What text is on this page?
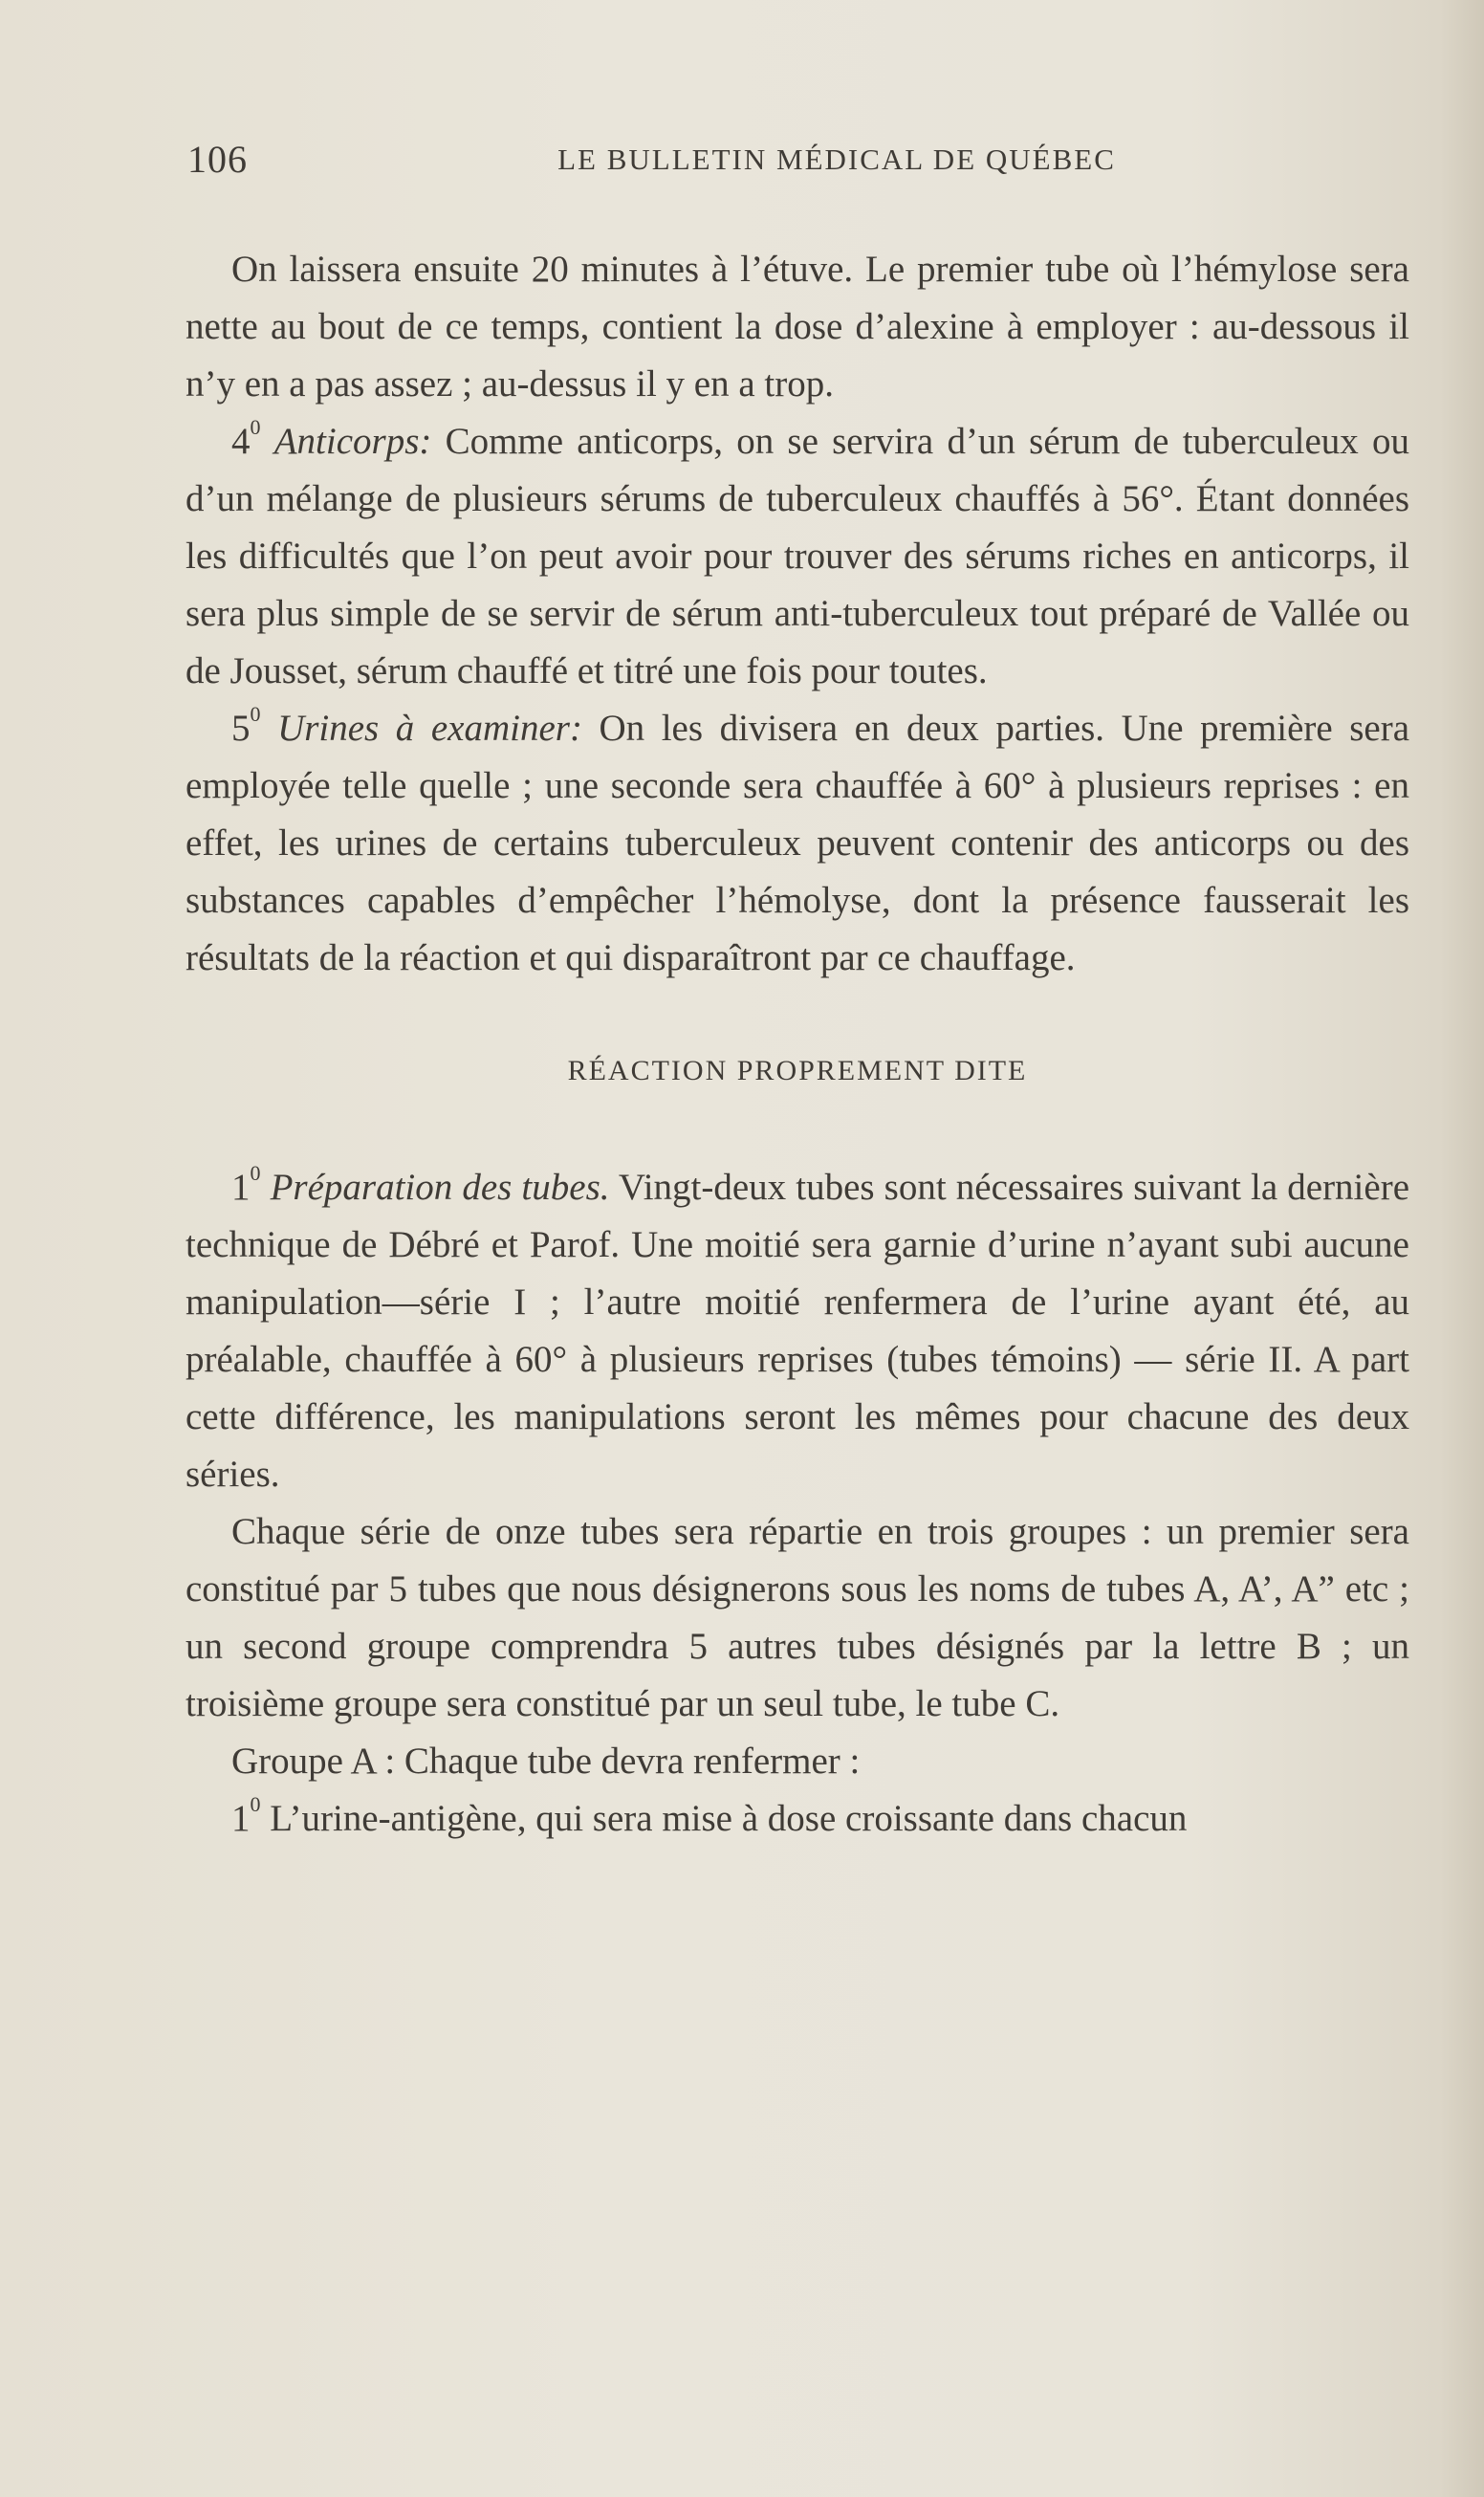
106	LE BULLETIN MÉDICAL DE QUÉBEC

On laissera ensuite 20 minutes à l’étuve. Le premier tube où l’hémylose sera nette au bout de ce temps, contient la dose d’alexine à employer : au-dessous il n’y en a pas assez ; au-dessus il y en a trop.

$4^0$ Anticorps: Comme anticorps, on se servira d’un sérum de tuberculeux ou d’un mélange de plusieurs sérums de tuberculeux chauffés à 56°. Étant données les difficultés que l’on peut avoir pour trouver des sérums riches en anticorps, il sera plus simple de se servir de sérum anti-tuberculeux tout préparé de Vallée ou de Jousset, sérum chauffé et titré une fois pour toutes.

$5^0$ Urines à examiner: On les divisera en deux parties. Une première sera employée telle quelle ; une seconde sera chauffée à 60° à plusieurs reprises : en effet, les urines de certains tuberculeux peuvent contenir des anticorps ou des substances capables d’empêcher l’hémolyse, dont la présence fausserait les résultats de la réaction et qui disparaîtront par ce chauffage.

RÉACTION PROPREMENT DITE

$1^0$ Préparation des tubes. Vingt-deux tubes sont nécessaires suivant la dernière technique de Débré et Parof. Une moitié sera garnie d’urine n’ayant subi aucune manipulation—série I ; l’autre moitié renfermera de l’urine ayant été, au préalable, chauffée à 60° à plusieurs reprises (tubes témoins) — série II. A part cette différence, les manipulations seront les mêmes pour chacune des deux séries.

Chaque série de onze tubes sera répartie en trois groupes : un premier sera constitué par 5 tubes que nous désignerons sous les noms de tubes A, A’, A” etc ; un second groupe comprendra 5 autres tubes désignés par la lettre B ; un troisième groupe sera constitué par un seul tube, le tube C.

Groupe A : Chaque tube devra renfermer :

$1^0$ L’urine-antigène, qui sera mise à dose croissante dans chacun
